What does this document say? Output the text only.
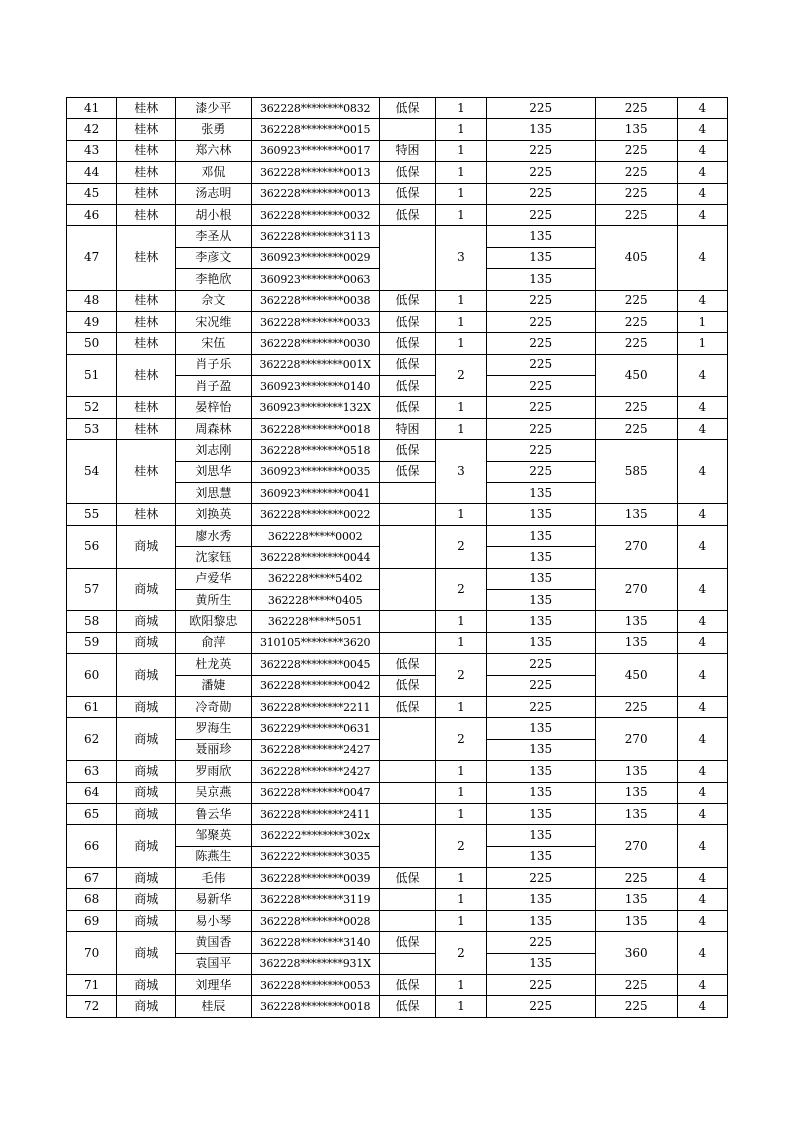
41	桂林	漆少平	362228********0832	低保	1	225	225	4
42	桂林	张勇	362228********0015		1	135	135	4
43	桂林	郑六林	360923********0017	特困	1	225	225	4
44	桂林	邓侃	362228********0013	低保	1	225	225	4
45	桂林	汤志明	362228********0013	低保	1	225	225	4
46	桂林	胡小根	362228********0032	低保	1	225	225	4
47	桂林	李圣从	362228********3113		3	135	405	4
		李彦文	360923********0029			135		
		李艳欣	360923********0063			135		
48	桂林	佘文	362228********0038	低保	1	225	225	4
49	桂林	宋况维	362228********0033	低保	1	225	225	1
50	桂林	宋伍	362228********0030	低保	1	225	225	1
51	桂林	肖子乐	362228********001X	低保	2	225	450	4
		肖子盈	360923********0140	低保		225		
52	桂林	晏梓怡	360923********132X	低保	1	225	225	4
53	桂林	周森林	362228********0018	特困	1	225	225	4
54	桂林	刘志刚	362228********0518	低保	3	225	585	4
		刘思华	360923********0035	低保		225		
		刘思慧	360923********0041			135		
55	桂林	刘换英	362228********0022		1	135	135	4
56	商城	廖水秀	362228*****0002		2	135	270	4
		沈家钰	362228********0044			135		
57	商城	卢爱华	362228*****5402		2	135	270	4
		黄所生	362228*****0405			135		
58	商城	欧阳黎忠	362228*****5051		1	135	135	4
59	商城	俞萍	310105********3620		1	135	135	4
60	商城	杜龙英	362228********0045	低保	2	225	450	4
		潘婕	362228********0042	低保		225		
61	商城	冷奇勋	362228********2211	低保	1	225	225	4
62	商城	罗海生	362229********0631		2	135	270	4
		聂丽珍	362228********2427			135		
63	商城	罗雨欣	362228********2427		1	135	135	4
64	商城	吴京燕	362228********0047		1	135	135	4
65	商城	鲁云华	362228********2411		1	135	135	4
66	商城	邹聚英	362222********302x		2	135	270	4
		陈燕生	362222********3035			135		
67	商城	毛伟	362228********0039	低保	1	225	225	4
68	商城	易新华	362228********3119		1	135	135	4
69	商城	易小琴	362228********0028		1	135	135	4
70	商城	黄国香	362228********3140	低保	2	225	360	4
		袁国平	362228********931X			135		
71	商城	刘理华	362228********0053	低保	1	225	225	4
72	商城	桂辰	362228********0018	低保	1	225	225	4
